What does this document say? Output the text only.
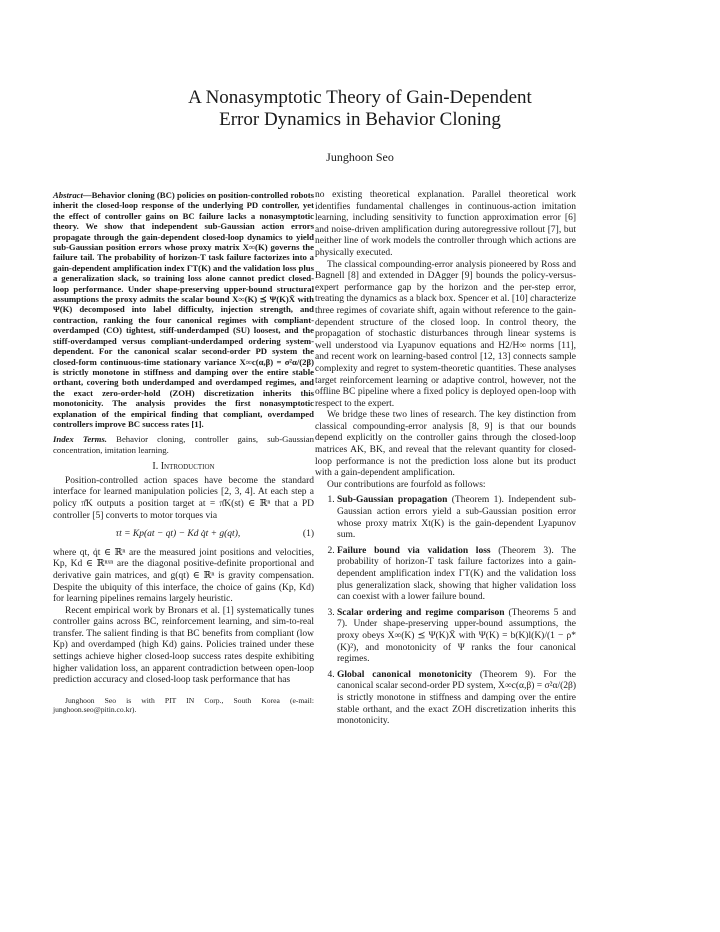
A Nonasymptotic Theory of Gain-Dependent
Error Dynamics in Behavior Cloning
Junghoon Seo
Abstract—Behavior cloning (BC) policies on position-controlled robots inherit the closed-loop response of the underlying PD controller, yet the effect of controller gains on BC failure lacks a nonasymptotic theory. We show that independent sub-Gaussian action errors propagate through the gain-dependent closed-loop dynamics to yield sub-Gaussian position errors whose proxy matrix X∞(K) governs the failure tail. The probability of horizon-T task failure factorizes into a gain-dependent amplification index ΓT(K) and the validation loss plus a generalization slack, so training loss alone cannot predict closed-loop performance. Under shape-preserving upper-bound structural assumptions the proxy admits the scalar bound X∞(K) ⪯ Ψ(K)X̄ with Ψ(K) decomposed into label difficulty, injection strength, and contraction, ranking the four canonical regimes with compliant-overdamped (CO) tightest, stiff-underdamped (SU) loosest, and the stiff-overdamped versus compliant-underdamped ordering system-dependent. For the canonical scalar second-order PD system the closed-form continuous-time stationary variance X∞c(α,β) = σ²α/(2β) is strictly monotone in stiffness and damping over the entire stable orthant, covering both underdamped and overdamped regimes, and the exact zero-order-hold (ZOH) discretization inherits this monotonicity. The analysis provides the first nonasymptotic explanation of the empirical finding that compliant, overdamped controllers improve BC success rates [1].
Index Terms. Behavior cloning, controller gains, sub-Gaussian concentration, imitation learning.
I. Introduction

Position-controlled action spaces have become the standard interface for learned manipulation policies [2, 3, 4]. At each step a policy π̂K outputs a position target at = π̂K(st) ∈ ℝⁿ that a PD controller [5] converts to motor torques via

τt = Kp(at − qt) − Kd q̇t + g(qt),	(1)

where qt, q̇t ∈ ℝⁿ are the measured joint positions and velocities, Kp, Kd ∈ ℝⁿˣⁿ are the diagonal positive-definite proportional and derivative gain matrices, and g(qt) ∈ ℝⁿ is gravity compensation. Despite the ubiquity of this interface, the choice of gains (Kp, Kd) for learning pipelines remains largely heuristic.

Recent empirical work by Bronars et al. [1] systematically tunes controller gains across BC, reinforcement learning, and sim-to-real transfer. The salient finding is that BC benefits from compliant (low Kp) and overdamped (high Kd) gains. Policies trained under these settings achieve higher closed-loop success rates despite exhibiting higher validation loss, an apparent contradiction between open-loop prediction accuracy and closed-loop task performance that has

Junghoon Seo is with PIT IN Corp., South Korea (e-mail: junghoon.seo@pitin.co.kr).

no existing theoretical explanation. Parallel theoretical work identifies fundamental challenges in continuous-action imitation learning, including sensitivity to function approximation error [6] and noise-driven amplification during autoregressive rollout [7], but neither line of work models the controller through which actions are physically executed.

The classical compounding-error analysis pioneered by Ross and Bagnell [8] and extended in DAgger [9] bounds the policy-versus-expert performance gap by the horizon and the per-step error, treating the dynamics as a black box. Spencer et al. [10] characterize three regimes of covariate shift, again without reference to the gain-dependent structure of the closed loop. In control theory, the propagation of stochastic disturbances through linear systems is well understood via Lyapunov equations and H2/H∞ norms [11], and recent work on learning-based control [12, 13] connects sample complexity and regret to system-theoretic quantities. These analyses target reinforcement learning or adaptive control, however, not the offline BC pipeline where a fixed policy is deployed open-loop with respect to the expert.

We bridge these two lines of research. The key distinction from classical compounding-error analysis [8, 9] is that our bounds depend explicitly on the controller gains through the closed-loop matrices AK, BK, and reveal that the relevant quantity for closed-loop performance is not the prediction loss alone but its product with a gain-dependent amplification.

Our contributions are fourfold as follows:

1. Sub-Gaussian propagation (Theorem 1). Independent sub-Gaussian action errors yield a sub-Gaussian position error whose proxy matrix Xt(K) is the gain-dependent Lyapunov sum.
2. Failure bound via validation loss (Theorem 3). The probability of horizon-T task failure factorizes into a gain-dependent amplification index ΓT(K) and the validation loss plus generalization slack, showing that higher validation loss can coexist with a lower failure bound.
3. Scalar ordering and regime comparison (Theorems 5 and 7). Under shape-preserving upper-bound assumptions, the proxy obeys X∞(K) ⪯ Ψ(K)X̄ with Ψ(K) = b(K)l(K)/(1 − ρ*(K)²), and monotonicity of Ψ ranks the four canonical regimes.
4. Global canonical monotonicity (Theorem 9). For the canonical scalar second-order PD system, X∞c(α,β) = σ²α/(2β) is strictly monotone in stiffness and damping over the entire stable orthant, and the exact ZOH discretization inherits this monotonicity.
